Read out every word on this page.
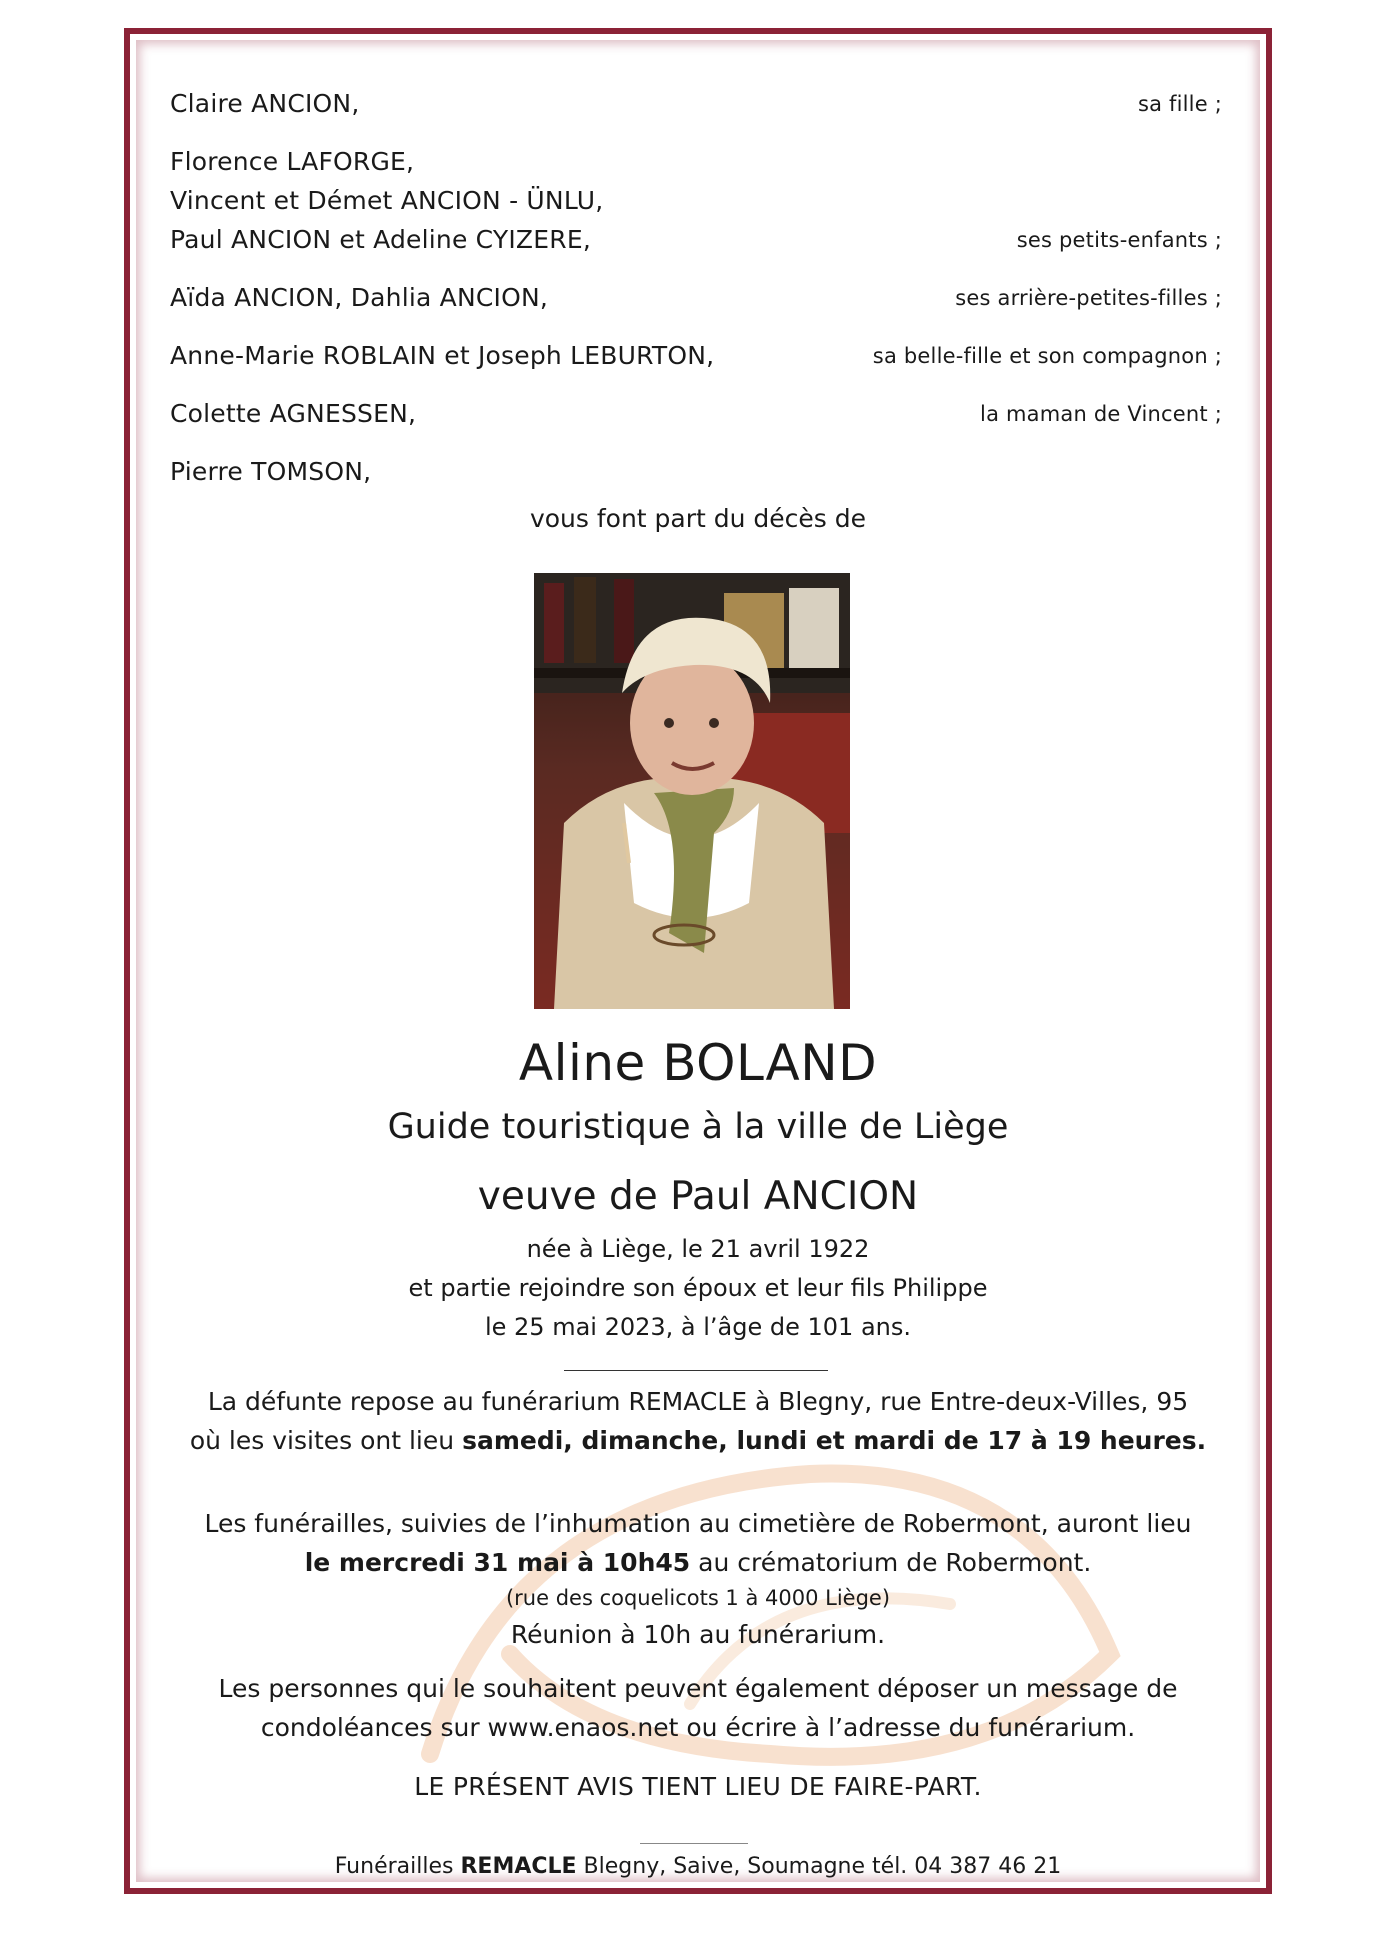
Claire ANCION,	sa fille ;
Florence LAFORGE,
Vincent et Démet ANCION - ÜNLU,
Paul ANCION et Adeline CYIZERE,	ses petits-enfants ;
Aïda ANCION, Dahlia ANCION,	ses arrière-petites-filles ;
Anne-Marie ROBLAIN et Joseph LEBURTON,	sa belle-fille et son compagnon ;
Colette AGNESSEN,	la maman de Vincent ;
Pierre TOMSON,
vous font part du décès de
Aline BOLAND
Guide touristique à la ville de Liège
veuve de Paul ANCION
née à Liège, le 21 avril 1922
et partie rejoindre son époux et leur fils Philippe
le 25 mai 2023, à l’âge de 101 ans.
La défunte repose au funérarium REMACLE à Blegny, rue Entre-deux-Villes, 95
où les visites ont lieu samedi, dimanche, lundi et mardi de 17 à 19 heures.
Les funérailles, suivies de l’inhumation au cimetière de Robermont, auront lieu
le mercredi 31 mai à 10h45 au crématorium de Robermont.
(rue des coquelicots 1 à 4000 Liège)
Réunion à 10h au funérarium.
Les personnes qui le souhaitent peuvent également déposer un message de
condoléances sur www.enaos.net ou écrire à l’adresse du funérarium.
LE PRÉSENT AVIS TIENT LIEU DE FAIRE-PART.
Funérailles REMACLE Blegny, Saive, Soumagne tél. 04 387 46 21
